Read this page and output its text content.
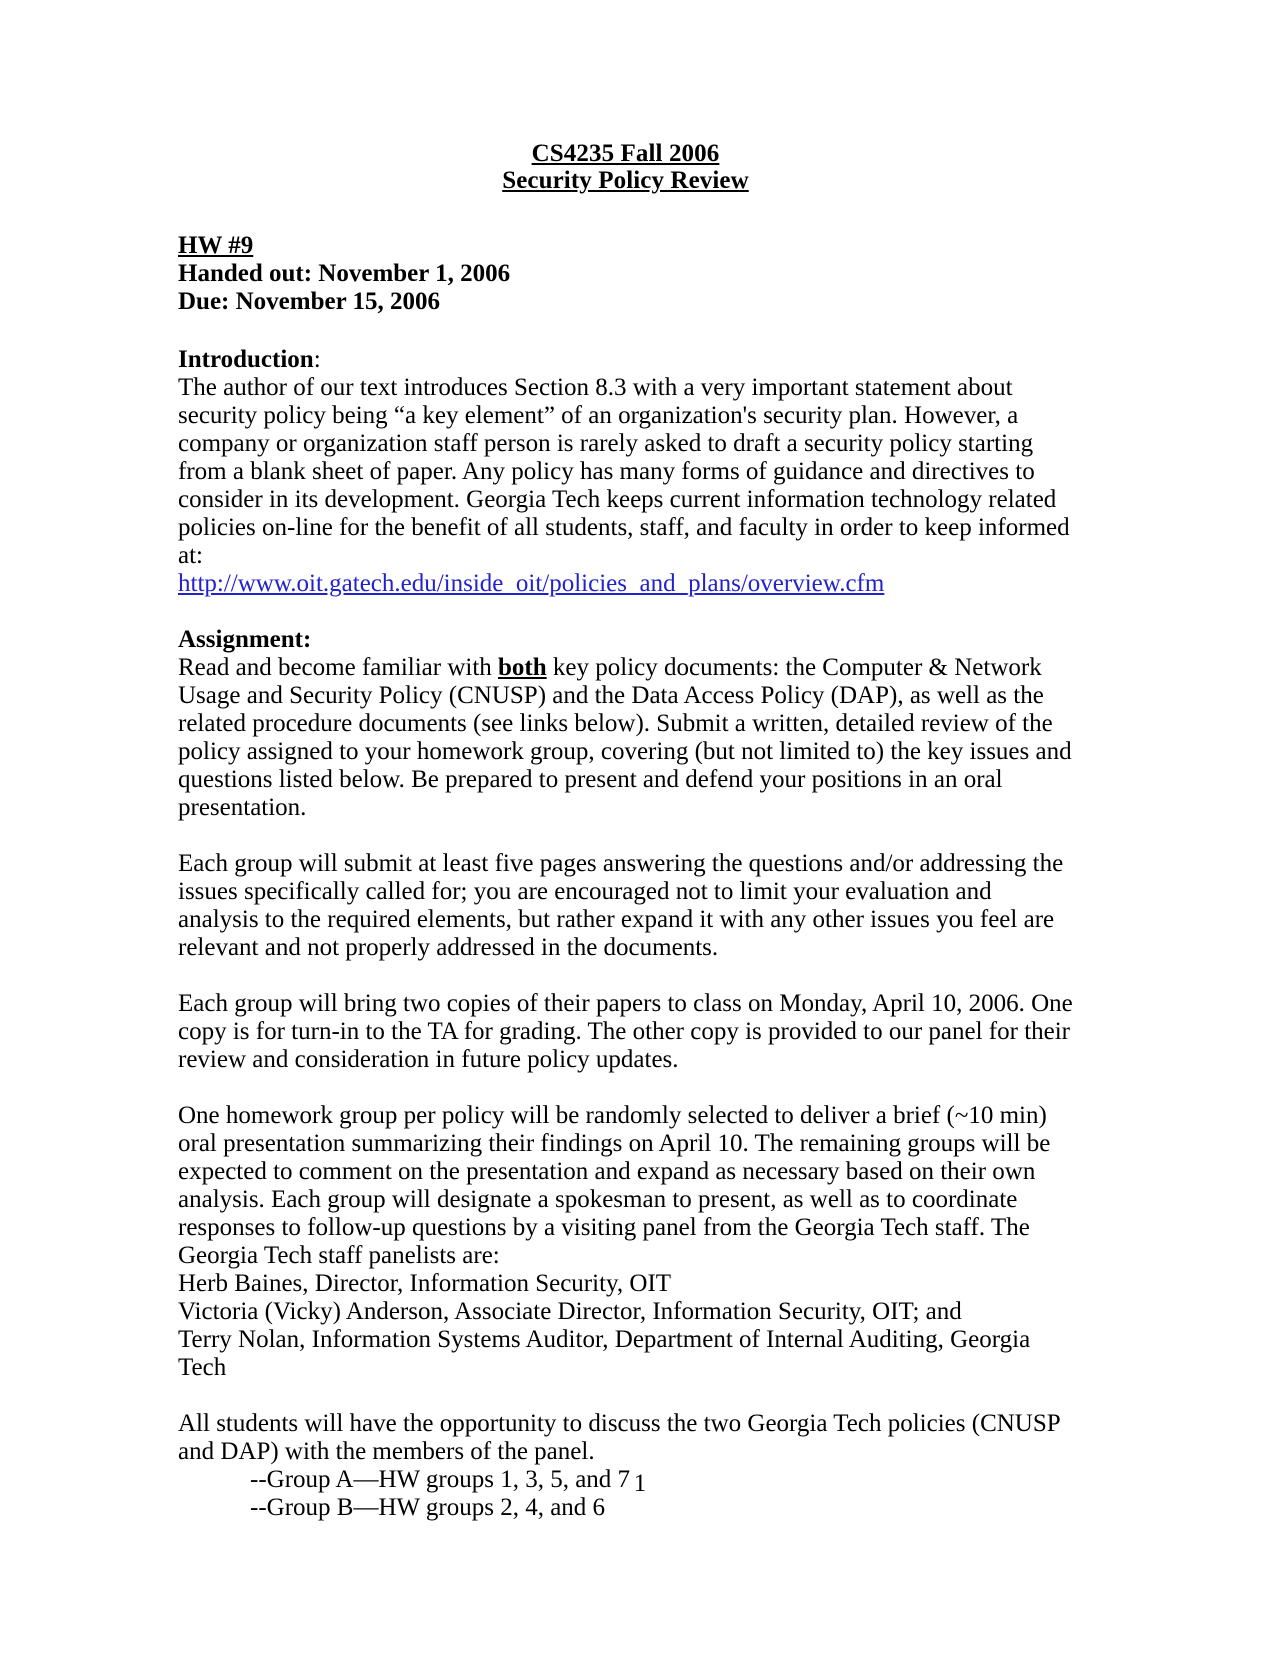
CS4235 Fall 2006
Security Policy Review
HW #9
Handed out: November 1, 2006
Due: November 15, 2006
Introduction:

The author of our text introduces Section 8.3 with a very important statement about security policy being “a key element” of an organization's security plan. However, a company or organization staff person is rarely asked to draft a security policy starting from a blank sheet of paper. Any policy has many forms of guidance and directives to consider in its development. Georgia Tech keeps current information technology related policies on-line for the benefit of all students, staff, and faculty in order to keep informed at:

http://www.oit.gatech.edu/inside_oit/policies_and_plans/overview.cfm
Assignment:

Read and become familiar with both key policy documents: the Computer & Network Usage and Security Policy (CNUSP) and the Data Access Policy (DAP), as well as the related procedure documents (see links below). Submit a written, detailed review of the policy assigned to your homework group, covering (but not limited to) the key issues and questions listed below. Be prepared to present and defend your positions in an oral presentation.

Each group will submit at least five pages answering the questions and/or addressing the issues specifically called for; you are encouraged not to limit your evaluation and analysis to the required elements, but rather expand it with any other issues you feel are relevant and not properly addressed in the documents.

Each group will bring two copies of their papers to class on Monday, April 10, 2006. One copy is for turn-in to the TA for grading. The other copy is provided to our panel for their review and consideration in future policy updates.

One homework group per policy will be randomly selected to deliver a brief (~10 min) oral presentation summarizing their findings on April 10. The remaining groups will be expected to comment on the presentation and expand as necessary based on their own analysis. Each group will designate a spokesman to present, as well as to coordinate responses to follow-up questions by a visiting panel from the Georgia Tech staff. The Georgia Tech staff panelists are:

Herb Baines, Director, Information Security, OIT
Victoria (Vicky) Anderson, Associate Director, Information Security, OIT; and
Terry Nolan, Information Systems Auditor, Department of Internal Auditing, Georgia Tech

All students will have the opportunity to discuss the two Georgia Tech policies (CNUSP and DAP) with the members of the panel.

--Group A—HW groups 1, 3, 5, and 7
--Group B—HW groups 2, 4, and 6
1
